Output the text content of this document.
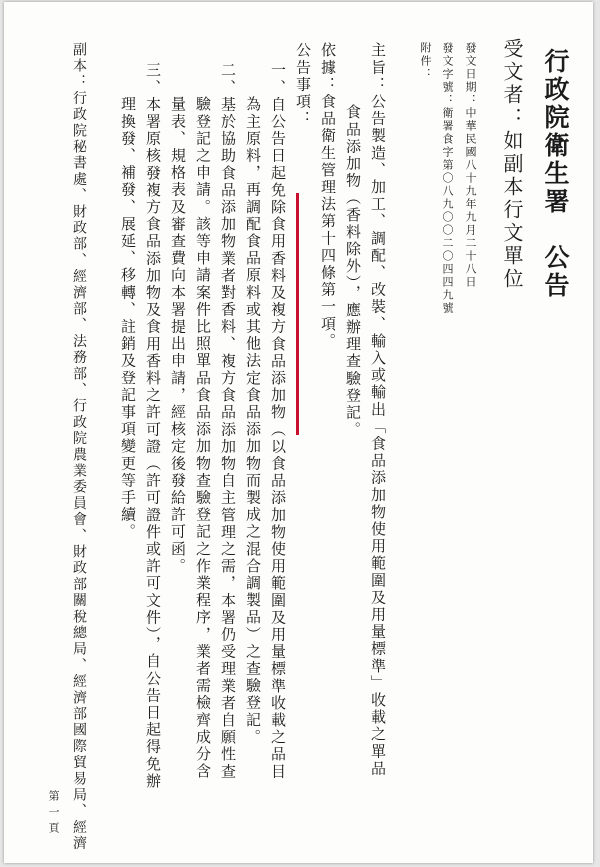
行政院衛生署　公告
受文者：如副本行文單位
發文日期：中華民國八十九年九月二十八日
發文字號：衛署食字第〇八九〇〇二〇四四九號
附件：
主旨：公告製造、加工、調配、改裝、輸入或輸出「食品添加物使用範圍及用量標準」收載之單品
食品添加物（香料除外），應辦理查驗登記。
依據：食品衛生管理法第十四條第一項。
公告事項：
一、自公告日起免除食用香料及複方食品添加物（以食品添加物使用範圍及用量標準收載之品目
為主原料，再調配食品原料或其他法定食品添加物而製成之混合調製品）之查驗登記。
二、基於協助食品添加物業者對香料、複方食品添加物自主管理之需，本署仍受理業者自願性查
驗登記之申請。該等申請案件比照單品食品添加物查驗登記之作業程序，業者需檢齊成分含
量表、規格表及審查費向本署提出申請，經核定後發給許可函。
三、本署原核發複方食品添加物及食用香料之許可證（許可證件或許可文件），自公告日起得免辦
理換發、補發、展延、移轉、註銷及登記事項變更等手續。
副本：行政院秘書處、財政部、經濟部、法務部、行政院農業委員會、財政部關稅總局、經濟部國際貿易局、經濟
第一頁
